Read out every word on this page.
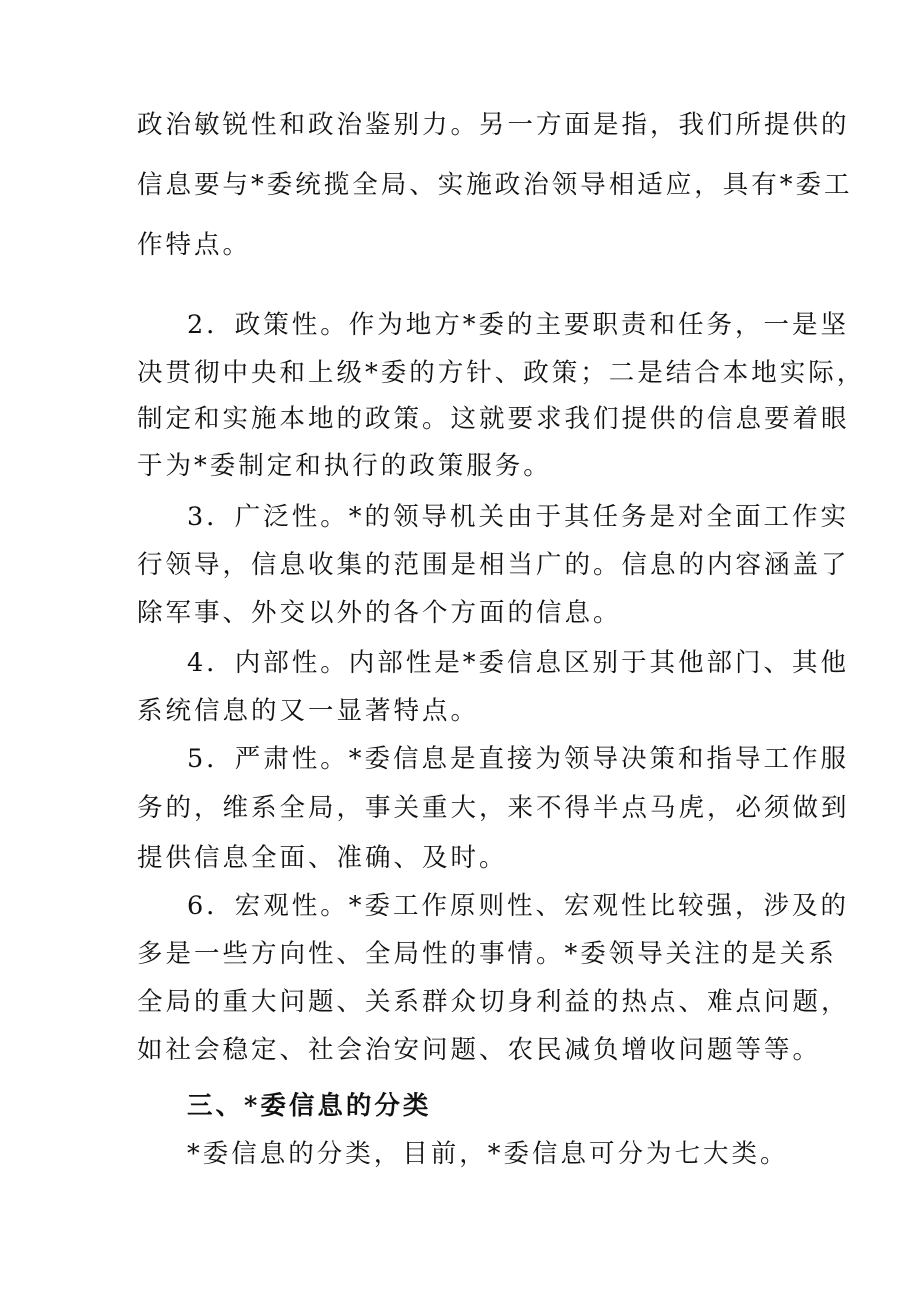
政治敏锐性和政治鉴别力。另一方面是指，我们所提供的
信息要与*委统揽全局、实施政治领导相适应，具有*委工
作特点。
2．政策性。作为地方*委的主要职责和任务，一是坚
决贯彻中央和上级*委的方针、政策；二是结合本地实际，
制定和实施本地的政策。这就要求我们提供的信息要着眼
于为*委制定和执行的政策服务。
3．广泛性。*的领导机关由于其任务是对全面工作实
行领导，信息收集的范围是相当广的。信息的内容涵盖了
除军事、外交以外的各个方面的信息。
4．内部性。内部性是*委信息区别于其他部门、其他
系统信息的又一显著特点。
5．严肃性。*委信息是直接为领导决策和指导工作服
务的，维系全局，事关重大，来不得半点马虎，必须做到
提供信息全面、准确、及时。
6．宏观性。*委工作原则性、宏观性比较强，涉及的
多是一些方向性、全局性的事情。*委领导关注的是关系
全局的重大问题、关系群众切身利益的热点、难点问题，
如社会稳定、社会治安问题、农民减负增收问题等等。
三、*委信息的分类
*委信息的分类，目前，*委信息可分为七大类。
